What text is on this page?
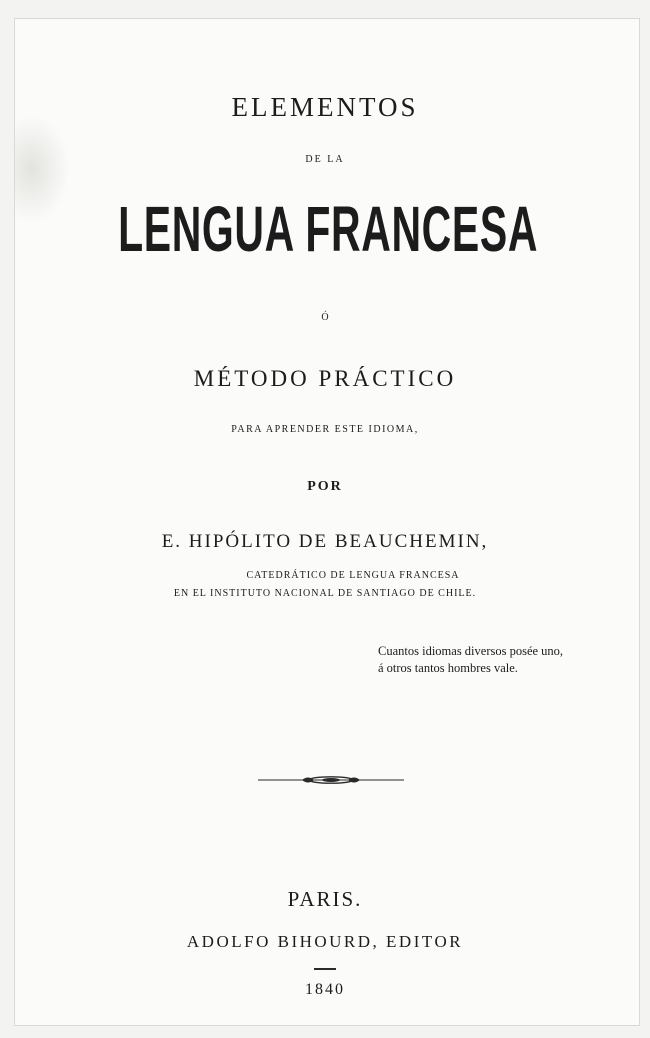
ELEMENTOS
DE LA
LENGUA FRANCESA
Ó
MÉTODO PRÁCTICO
PARA APRENDER ESTE IDIOMA,
POR
E. HIPÓLITO DE BEAUCHEMIN,
CATEDRÁTICO DE LENGUA FRANCESA
EN EL INSTITUTO NACIONAL DE SANTIAGO DE CHILE.
Cuantos idiomas diversos posée uno,
á otros tantos hombres vale.
PARIS.
ADOLFO BIHOURD, EDITOR
1840
